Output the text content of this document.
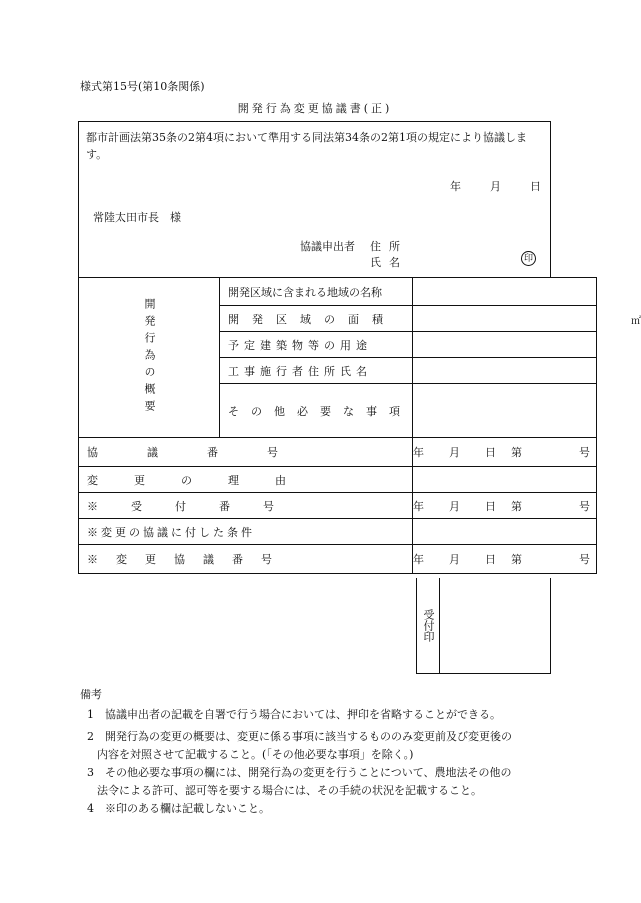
様式第15号(第10条関係)
開発行為変更協議書(正)
都市計画法第35条の2第4項において準用する同法第34条の2第1項の規定により協議します。
年	月	日
常陸太田市長　様
協議申出者 住所
氏名	印
開発行為の概要	開発区域に含まれる地域の名称	
	開発区域の面積	㎡

	予定建築物等の用途	
	工事施行者住所氏名	
	その他必要な事項	
協議番号		年 月 日 第 号

変更の理由		
※受付番号		年 月 日 第 号

※変更の協議に付した条件		
※変更協議番号		年 月 日 第 号
受付印
備考
1　協議申出者の記載を自署で行う場合においては、押印を省略することができる。
2　開発行為の変更の概要は、変更に係る事項に該当するもののみ変更前及び変更後の
内容を対照させて記載すること。(「その他必要な事項」を除く。)
3　その他必要な事項の欄には、開発行為の変更を行うことについて、農地法その他の
法令による許可、認可等を要する場合には、その手続の状況を記載すること。
4　※印のある欄は記載しないこと。
